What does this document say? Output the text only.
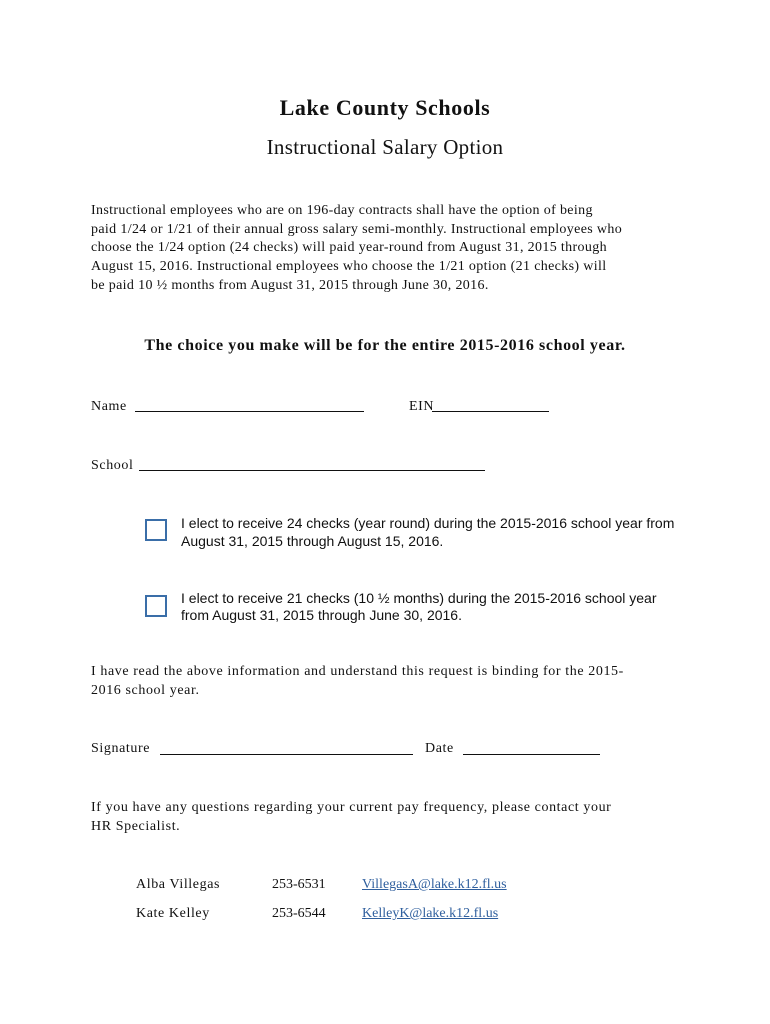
Lake County Schools
Instructional Salary Option
Instructional employees who are on 196-day contracts shall have the option of being
paid 1/24 or 1/21 of their annual gross salary semi-monthly. Instructional employees who
choose the 1/24 option (24 checks) will paid year-round from August 31, 2015 through
August 15, 2016. Instructional employees who choose the 1/21 option (21 checks) will
be paid 10 ½ months from August 31, 2015 through June 30, 2016.
The choice you make will be for the entire 2015-2016 school year.
Name	EIN
School
I elect to receive 24 checks (year round) during the 2015-2016 school year from
August 31, 2015 through August 15, 2016.
I elect to receive 21 checks (10 ½ months) during the 2015-2016 school year
from August 31, 2015 through June 30, 2016.
I have read the above information and understand this request is binding for the 2015-
2016 school year.
Signature	Date
If you have any questions regarding your current pay frequency, please contact your
HR Specialist.
Alba Villegas	253-6531	VillegasA@lake.k12.fl.us
Kate Kelley	253-6544	KelleyK@lake.k12.fl.us
